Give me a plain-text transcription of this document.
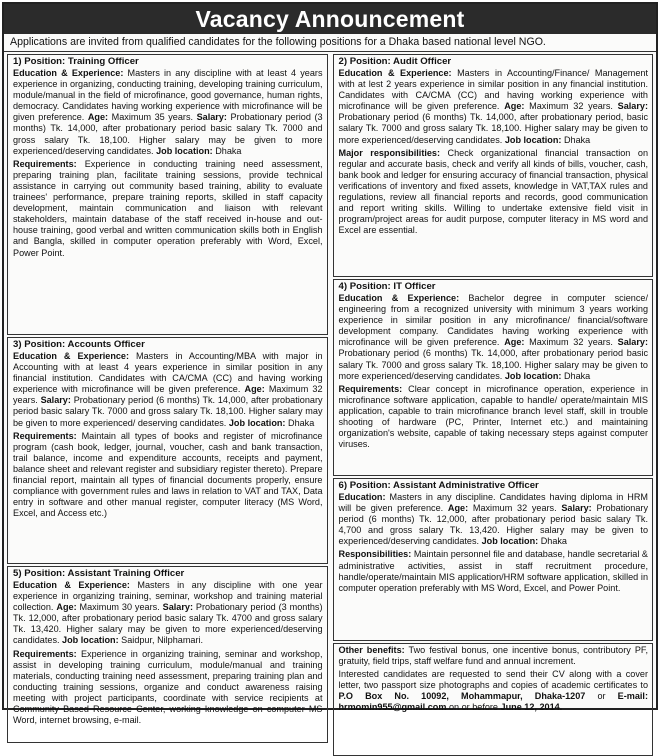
Vacancy Announcement
Applications are invited from qualified candidates for the following positions for a Dhaka based national level NGO.
1) Position: Training Officer

Education & Experience: Masters in any discipline with at least 4 years experience in organizing, conducting training, developing training curriculum, module/manual in the field of microfinance, good governance, human rights, democracy. Candidates having working experience with microfinance will be given preference. Age: Maximum 35 years. Salary: Probationary period (3 months) Tk. 14,000, after probationary period basic salary Tk. 7000 and gross salary Tk. 18,100. Higher salary may be given to more experienced/deserving candidates. Job location: Dhaka

Requirements: Experience in conducting training need assessment, preparing training plan, facilitate training sessions, provide technical assistance in carrying out community based training, ability to evaluate trainees' performance, prepare training reports, skilled in staff capacity development, maintain communication and liaison with relevant stakeholders, maintain database of the staff received in-house and out-house training, good verbal and written communication skills both in English and Bangla, skilled in computer operation preferably with Word, Excel, Power Point.

3) Position: Accounts Officer

Education & Experience: Masters in Accounting/MBA with major in Accounting with at least 4 years experience in similar position in any financial institution. Candidates with CA/CMA (CC) and having working experience with microfinance will be given preference. Age: Maximum 32 years. Salary: Probationary period (6 months) Tk. 14,000, after probationary period basic salary Tk. 7000 and gross salary Tk. 18,100. Higher salary may be given to more experienced/ deserving candidates. Job location: Dhaka

Requirements: Maintain all types of books and register of microfinance program (cash book, ledger, journal, voucher, cash and bank transaction, trail balance, income and expenditure accounts, receipts and payment, balance sheet and relevant register and subsidiary register thereto). Prepare financial report, maintain all types of financial documents properly, ensure compliance with government rules and laws in relation to VAT and TAX, Data entry in software and other manual register, computer literacy (MS Word, Excel, and Access etc.)

5) Position: Assistant Training Officer

Education & Experience: Masters in any discipline with one year experience in organizing training, seminar, workshop and training material collection. Age: Maximum 30 years. Salary: Probationary period (3 months) Tk. 12,000, after probationary period basic salary Tk. 4700 and gross salary Tk. 13,420. Higher salary may be given to more experienced/deserving candidates. Job location: Saidpur, Nilphamari.

Requirements: Experience in organizing training, seminar and workshop, assist in developing training curriculum, module/manual and training materials, conducting training need assessment, preparing training plan and conducting training sessions, organize and conduct awareness raising meeting with project participants, coordinate with service recipients at Community Based Resource Center, working knowledge on computer MS Word, internet browsing, e-mail.

2) Position: Audit Officer

Education & Experience: Masters in Accounting/Finance/ Management with at lest 2 years experience in similar position in any financial institution. Candidates with CA/CMA (CC) and having working experience with microfinance will be given preference. Age: Maximum 32 years. Salary: Probationary period (6 months) Tk. 14,000, after probationary period, basic salary Tk. 7000 and gross salary Tk. 18,100. Higher salary may be given to more experienced/deserving candidates. Job location: Dhaka

Major responsibilities: Check organizational financial transaction on regular and accurate basis, check and verify all kinds of bills, voucher, cash, bank book and ledger for ensuring accuracy of financial transaction, physical verifications of inventory and fixed assets, knowledge in VAT,TAX rules and regulations, review all financial reports and records, good communication and report writing skills. Willing to undertake extensive field visit in program/project areas for audit purpose, computer literacy in MS word and Excel are essential.

4) Position: IT Officer

Education & Experience: Bachelor degree in computer science/ engineering from a recognized university with minimum 3 years working experience in similar position in any microfinance/ financial/software development company. Candidates having working experience with microfinance will be given preference. Age: Maximum 32 years. Salary: Probationary period (6 months) Tk. 14,000, after probationary period basic salary Tk. 7000 and gross salary Tk. 18,100. Higher salary may be given to more experienced/deserving candidates. Job location: Dhaka

Requirements: Clear concept in microfinance operation, experience in microfinance software application, capable to handle/ operate/maintain MIS application, capable to train microfinance branch level staff, skill in trouble shooting of hardware (PC, Printer, Internet etc.) and maintaining organization's website, capable of taking necessary steps against computer viruses.

6) Position: Assistant Administrative Officer

Education: Masters in any discipline. Candidates having diploma in HRM will be given preference. Age: Maximum 32 years. Salary: Probationary period (6 months) Tk. 12,000, after probationary period basic salary Tk. 4,700 and gross salary Tk. 13,420. Higher salary may be given to experienced/deserving candidates. Job location: Dhaka

Responsibilities: Maintain personnel file and database, handle secretarial & administrative activities, assist in staff recruitment procedure, handle/operate/maintain MIS application/HRM software application, skilled in computer operation preferably with MS Word, Excel, and Power Point.

Other benefits: Two festival bonus, one incentive bonus, contributory PF, gratuity, field trips, staff welfare fund and annual increment.

Interested candidates are requested to send their CV along with a cover letter, two passport size photographs and copies of academic certificates to P.O Box No. 10092, Mohammapur, Dhaka-1207 or E-mail: hrmomin955@gmail.com on or before June 12, 2014.
